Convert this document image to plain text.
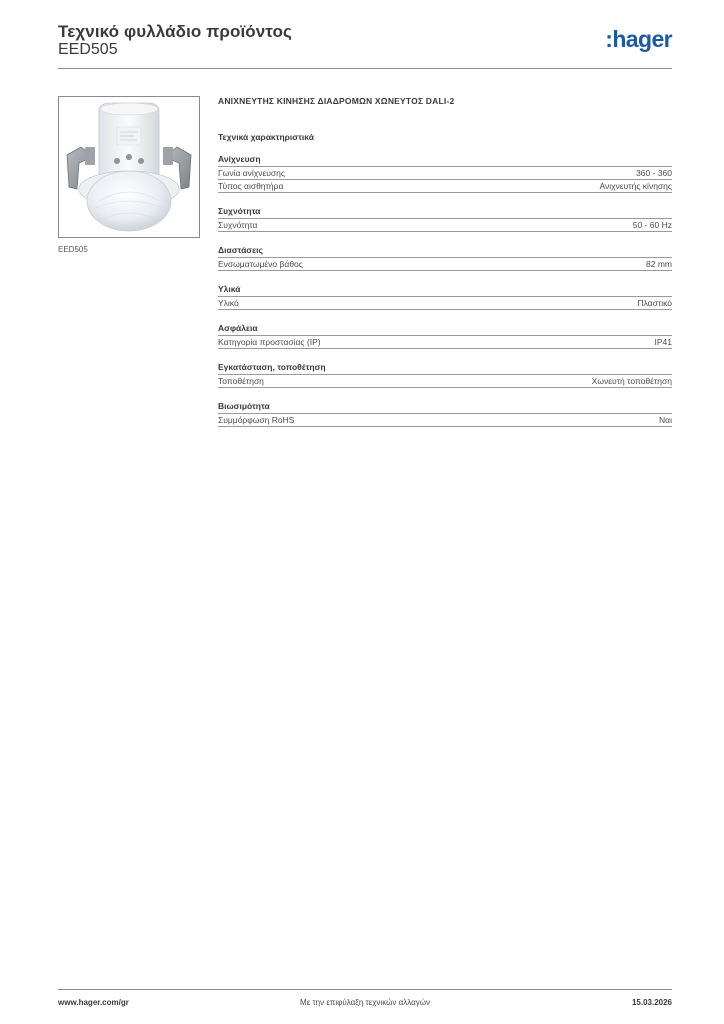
Τεχνικό φυλλάδιο προϊόντος
EED505	:hager
EED505
ΑΝΙΧΝΕΥΤΗΣ ΚΙΝΗΣΗΣ ΔΙΑΔΡΟΜΩΝ ΧΩΝΕΥΤΟΣ DALI-2
Τεχνικά χαρακτηριστικά
Ανίχνευση
Γωνία ανίχνευσης	360 - 360
Τύπος αισθητήρα	Ανιχνευτής κίνησης
Συχνότητα
Συχνότητα	50 - 60 Hz
Διαστάσεις
Ενσωματωμένο βάθος	82 mm
Υλικά
Υλικό	Πλαστικό
Ασφάλεια
Κατηγορία προστασίας (IP)	IP41
Εγκατάσταση, τοποθέτηση
Τοποθέτηση	Χωνευτή τοποθέτηση
Βιωσιμότητα
Συμμόρφωση RoHS	Ναι
www.hager.com/gr	Με την επιφύλαξη τεχνικών αλλαγών	15.03.2026
